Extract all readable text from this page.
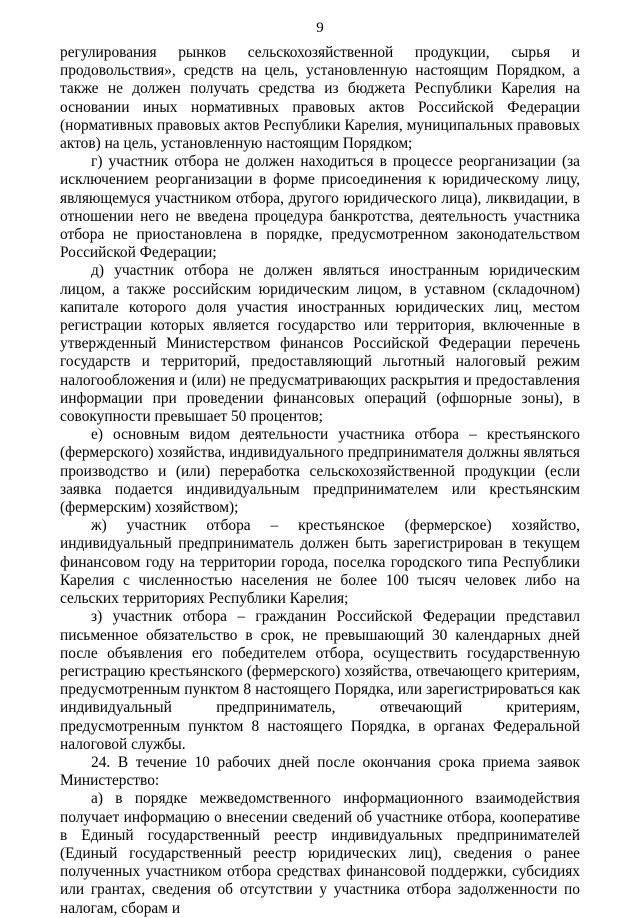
9

регулирования рынков сельскохозяйственной продукции, сырья и продовольствия», средств на цель, установленную настоящим Порядком, а также не должен получать средства из бюджета Республики Карелия на основании иных нормативных правовых актов Российской Федерации (нормативных правовых актов Республики Карелия, муниципальных правовых актов) на цель, установленную настоящим Порядком;

г) участник отбора не должен находиться в процессе реорганизации (за исключением реорганизации в форме присоединения к юридическому лицу, являющемуся участником отбора, другого юридического лица), ликвидации, в отношении него не введена процедура банкротства, деятельность участника отбора не приостановлена в порядке, предусмотренном законодательством Российской Федерации;

д) участник отбора не должен являться иностранным юридическим лицом, а также российским юридическим лицом, в уставном (складочном) капитале которого доля участия иностранных юридических лиц, местом регистрации которых является государство или территория, включенные в утвержденный Министерством финансов Российской Федерации перечень государств и территорий, предоставляющий льготный налоговый режим налогообложения и (или) не предусматривающих раскрытия и предоставления информации при проведении финансовых операций (офшорные зоны), в совокупности превышает 50 процентов;

е) основным видом деятельности участника отбора – крестьянского (фермерского) хозяйства, индивидуального предпринимателя должны являться производство и (или) переработка сельскохозяйственной продукции (если заявка подается индивидуальным предпринимателем или крестьянским (фермерским) хозяйством);

ж) участник отбора – крестьянское (фермерское) хозяйство, индивидуальный предприниматель должен быть зарегистрирован в текущем финансовом году на территории города, поселка городского типа Республики Карелия с численностью населения не более 100 тысяч человек либо на сельских территориях Республики Карелия;

з) участник отбора – гражданин Российской Федерации представил письменное обязательство в срок, не превышающий 30 календарных дней после объявления его победителем отбора, осуществить государственную регистрацию крестьянского (фермерского) хозяйства, отвечающего критериям, предусмотренным пунктом 8 настоящего Порядка, или зарегистрироваться как индивидуальный предприниматель, отвечающий критериям, предусмотренным пунктом 8 настоящего Порядка, в органах Федеральной налоговой службы.

24. В течение 10 рабочих дней после окончания срока приема заявок Министерство:

а) в порядке межведомственного информационного взаимодействия получает информацию о внесении сведений об участнике отбора, кооперативе в Единый государственный реестр индивидуальных предпринимателей (Единый государственный реестр юридических лиц), сведения о ранее полученных участником отбора средствах финансовой поддержки, субсидиях или грантах, сведения об отсутствии у участника отбора задолженности по налогам, сборам и
